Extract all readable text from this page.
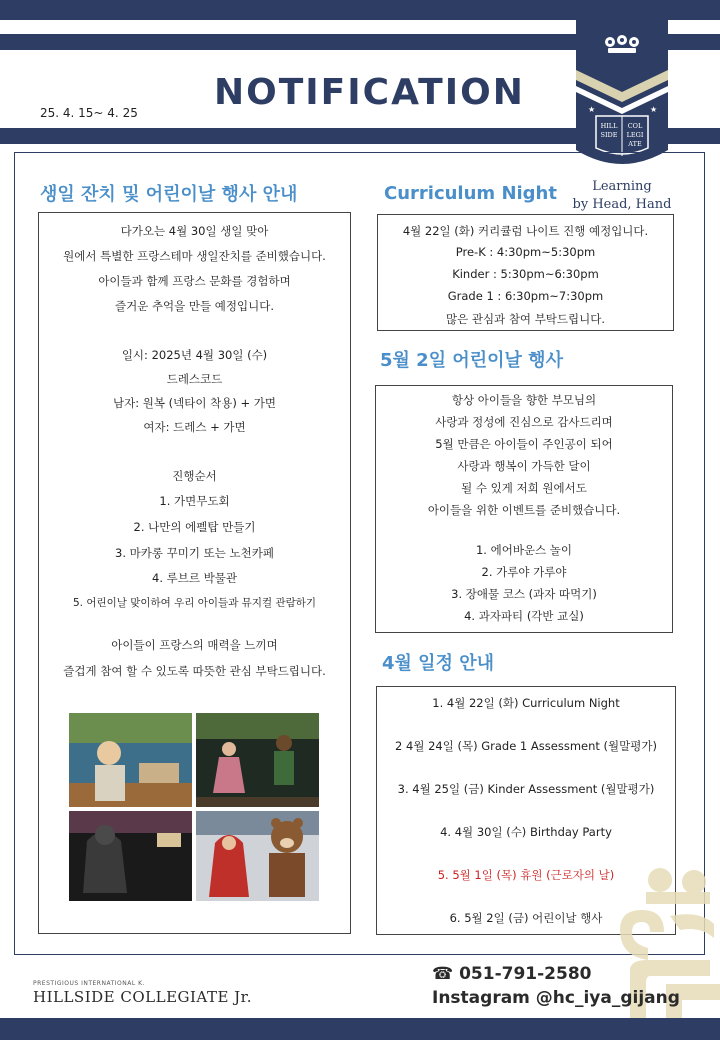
25. 4. 15~ 4. 25 NOTIFICATION	★	★
HILL
SIDE
COL
LEGI
ATE
Learning
by Head, Hand
생일 잔치 및 어린이날 행사 안내
다가오는 4월 30일 생일 맞아
원에서 특별한 프랑스테마 생일잔치를 준비했습니다.
아이들과 함께 프랑스 문화를 경험하며
즐거운 추억을 만들 예정입니다.
일시: 2025년 4월 30일 (수)
드레스코드
남자: 원복 (넥타이 착용) + 가면
여자: 드레스 + 가면
진행순서
1. 가면무도회
2. 나만의 에펠탑 만들기
3. 마카롱 꾸미기 또는 노천카페
4. 루브르 박물관
5. 어린이날 맞이하여 우리 아이들과 뮤지컬 관람하기
아이들이 프랑스의 매력을 느끼며
즐겁게 참여 할 수 있도록 따뜻한 관심 부탁드립니다.
Curriculum Night
4월 22일 (화) 커리큘럼 나이트 진행 예정입니다.
Pre-K : 4:30pm~5:30pm
Kinder : 5:30pm~6:30pm
Grade 1 : 6:30pm~7:30pm
많은 관심과 참여 부탁드립니다.
5월 2일 어린이날 행사
항상 아이들을 향한 부모님의
사랑과 정성에 진심으로 감사드리며
5월 만큼은 아이들이 주인공이 되어
사랑과 행복이 가득한 달이
될 수 있게 저희 원에서도
아이들을 위한 이벤트를 준비했습니다.
1. 에어바운스 놀이
2. 가루야 가루야
3. 장애물 코스 (과자 따먹기)
4. 과자파티 (각반 교실)
4월 일정 안내
1. 4월 22일 (화) Curriculum Night
2 4월 24일 (목) Grade 1 Assessment (월말평가)
3. 4월 25일 (금) Kinder Assessment (월말평가)
4. 4월 30일 (수) Birthday Party
5. 5월 1일 (목) 휴원 (근로자의 날)
6. 5월 2일 (금) 어린이날 행사
PRESTIGIOUS INTERNATIONAL K.
HILLSIDE COLLEGIATE Jr.
☎ 051-791-2580
Instagram @hc_iya_gijang
